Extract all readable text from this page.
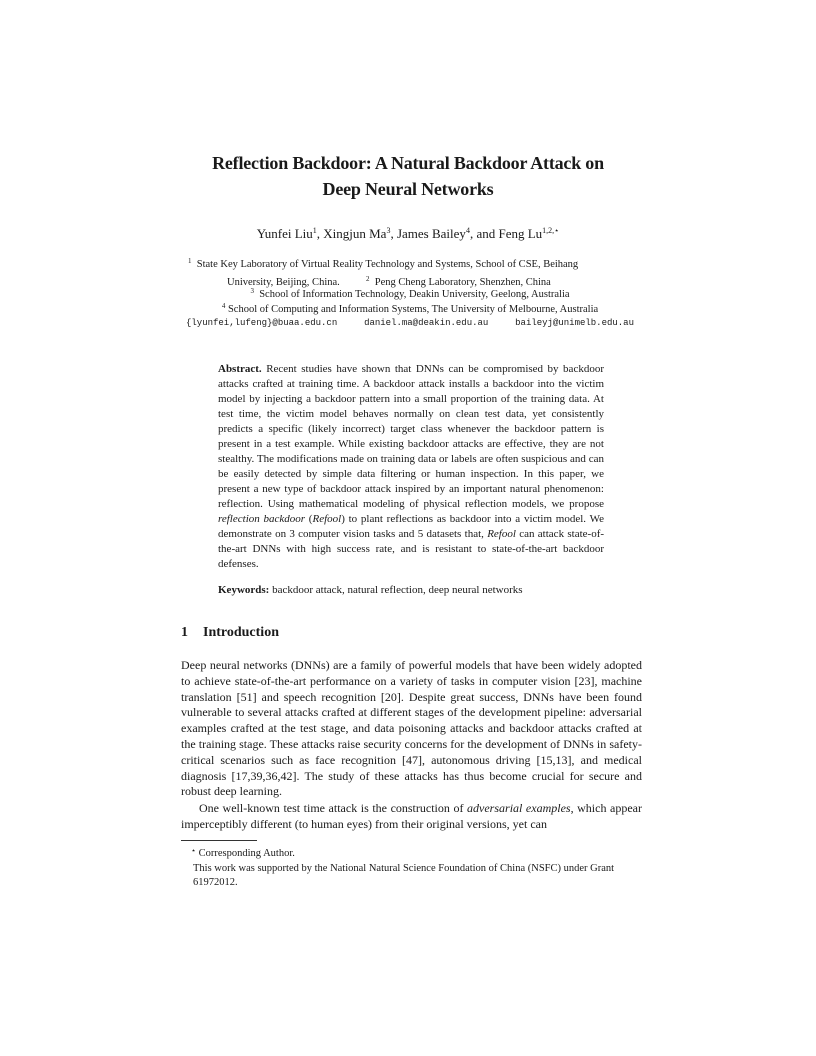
Reflection Backdoor: A Natural Backdoor Attack on
Deep Neural Networks
Yunfei Liu$^1$, Xingjun Ma$^3$, James Bailey$^4$, and Feng $Lu^{1,2,⋆}$
$^1$ State Key Laboratory of Virtual Reality Technology and Systems, School of CSE, Beihang
University, Beijing, China.	$^2$ Peng Cheng Laboratory, Shenzhen, China
$^3$ School of Information Technology, Deakin University, Geelong, Australia
$^4$ School of Computing and Information Systems, The University of Melbourne, Australia
{lyunfei,lufeng}@buaa.edu.cn	daniel.ma@deakin.edu.au	baileyj@unimelb.edu.au
Abstract. Recent studies have shown that DNNs can be compromised by backdoor attacks crafted at training time. A backdoor attack installs a backdoor into the victim model by injecting a backdoor pattern into a small proportion of the training data. At test time, the victim model behaves normally on clean test data, yet consistently predicts a specific (likely incorrect) target class whenever the backdoor pattern is present in a test example. While existing backdoor attacks are effective, they are not stealthy. The modifications made on training data or labels are often suspicious and can be easily detected by simple data filtering or human inspection. In this paper, we present a new type of backdoor attack inspired by an important natural phenomenon: reflection. Using mathematical modeling of physical reflection models, we propose reflection backdoor (Refool) to plant reflections as backdoor into a victim model. We demonstrate on 3 computer vision tasks and 5 datasets that, Refool can attack state-of-the-art DNNs with high success rate, and is resistant to state-of-the-art backdoor defenses.
Keywords: backdoor attack, natural reflection, deep neural networks
1 Introduction
Deep neural networks (DNNs) are a family of powerful models that have been widely adopted to achieve state-of-the-art performance on a variety of tasks in computer vision [23], machine translation [51] and speech recognition [20]. Despite great success, DNNs have been found vulnerable to several attacks crafted at different stages of the development pipeline: adversarial examples crafted at the test stage, and data poisoning attacks and backdoor attacks crafted at the training stage. These attacks raise security concerns for the development of DNNs in safety-critical scenarios such as face recognition [47], autonomous driving [15,13], and medical diagnosis [17,39,36,42]. The study of these attacks has thus become crucial for secure and robust deep learning.
One well-known test time attack is the construction of adversarial examples, which appear imperceptibly different (to human eyes) from their original versions, yet can
⋆ Corresponding Author.
This work was supported by the National Natural Science Foundation of China (NSFC) under Grant 61972012.
